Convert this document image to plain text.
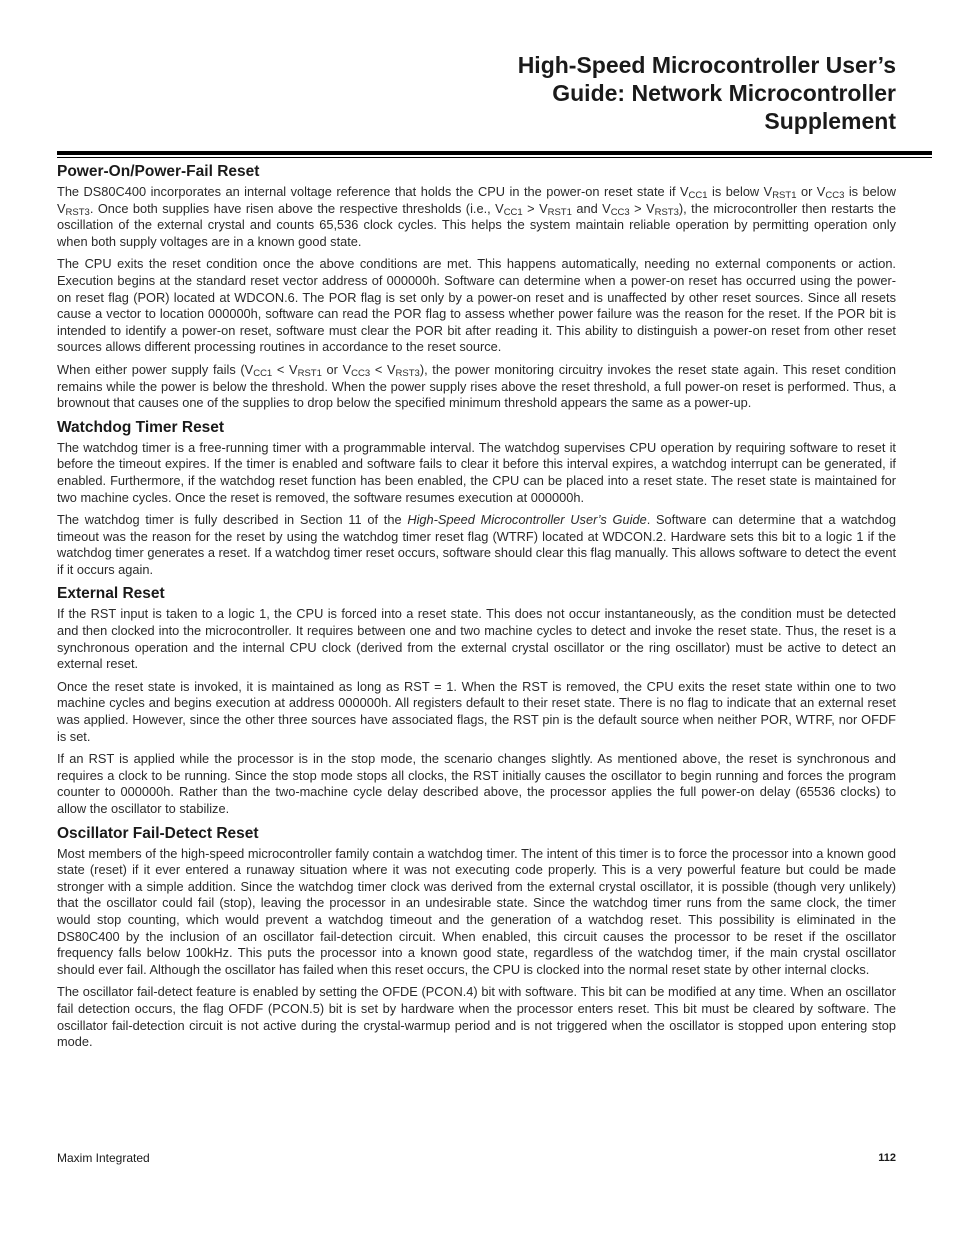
High-Speed Microcontroller User’s
Guide: Network Microcontroller
Supplement
Power-On/Power-Fail Reset

The DS80C400 incorporates an internal voltage reference that holds the CPU in the power-on reset state if $V_{CC1}$ is below $V_{RST1}$ or $V_{CC3}$ is below $V_{RST3}$. Once both supplies have risen above the respective thresholds (i.e., $V_{CC1} > V_{RST1}$ and $V_{CC3} > V_{RST3}$), the microcontroller then restarts the oscillation of the external crystal and counts 65,536 clock cycles. This helps the system maintain reliable operation by permitting operation only when both supply voltages are in a known good state.

The CPU exits the reset condition once the above conditions are met. This happens automatically, needing no external components or action. Execution begins at the standard reset vector address of 000000h. Software can determine when a power-on reset has occurred using the power-on reset flag (POR) located at WDCON.6. The POR flag is set only by a power-on reset and is unaffected by other reset sources. Since all resets cause a vector to location 000000h, software can read the POR flag to assess whether power failure was the reason for the reset. If the POR bit is intended to identify a power-on reset, software must clear the POR bit after reading it. This ability to distinguish a power-on reset from other reset sources allows different processing routines in accordance to the reset source.

When either power supply fails ($V_{CC1} < V_{RST1}$ or $V_{CC3} < V_{RST3}$), the power monitoring circuitry invokes the reset state again. This reset condition remains while the power is below the threshold. When the power supply rises above the reset threshold, a full power-on reset is performed. Thus, a brownout that causes one of the supplies to drop below the specified minimum threshold appears the same as a power-up.

Watchdog Timer Reset

The watchdog timer is a free-running timer with a programmable interval. The watchdog supervises CPU operation by requiring software to reset it before the timeout expires. If the timer is enabled and software fails to clear it before this interval expires, a watchdog interrupt can be generated, if enabled. Furthermore, if the watchdog reset function has been enabled, the CPU can be placed into a reset state. The reset state is maintained for two machine cycles. Once the reset is removed, the software resumes execution at 000000h.

The watchdog timer is fully described in Section 11 of the High-Speed Microcontroller User’s Guide. Software can determine that a watchdog timeout was the reason for the reset by using the watchdog timer reset flag (WTRF) located at WDCON.2. Hardware sets this bit to a logic 1 if the watchdog timer generates a reset. If a watchdog timer reset occurs, software should clear this flag manually. This allows software to detect the event if it occurs again.

External Reset

If the RST input is taken to a logic 1, the CPU is forced into a reset state. This does not occur instantaneously, as the condition must be detected and then clocked into the microcontroller. It requires between one and two machine cycles to detect and invoke the reset state. Thus, the reset is a synchronous operation and the internal CPU clock (derived from the external crystal oscillator or the ring oscillator) must be active to detect an external reset.

Once the reset state is invoked, it is maintained as long as RST = 1. When the RST is removed, the CPU exits the reset state within one to two machine cycles and begins execution at address 000000h. All registers default to their reset state. There is no flag to indicate that an external reset was applied. However, since the other three sources have associated flags, the RST pin is the default source when neither POR, WTRF, nor OFDF is set.

If an RST is applied while the processor is in the stop mode, the scenario changes slightly. As mentioned above, the reset is synchronous and requires a clock to be running. Since the stop mode stops all clocks, the RST initially causes the oscillator to begin running and forces the program counter to 000000h. Rather than the two-machine cycle delay described above, the processor applies the full power-on delay (65536 clocks) to allow the oscillator to stabilize.

Oscillator Fail-Detect Reset

Most members of the high-speed microcontroller family contain a watchdog timer. The intent of this timer is to force the processor into a known good state (reset) if it ever entered a runaway situation where it was not executing code properly. This is a very powerful feature but could be made stronger with a simple addition. Since the watchdog timer clock was derived from the external crystal oscillator, it is possible (though very unlikely) that the oscillator could fail (stop), leaving the processor in an undesirable state. Since the watchdog timer runs from the same clock, the timer would stop counting, which would prevent a watchdog timeout and the generation of a watchdog reset. This possibility is eliminated in the DS80C400 by the inclusion of an oscillator fail-detection circuit. When enabled, this circuit causes the processor to be reset if the oscillator frequency falls below 100kHz. This puts the processor into a known good state, regardless of the watchdog timer, if the main crystal oscillator should ever fail. Although the oscillator has failed when this reset occurs, the CPU is clocked into the normal reset state by other internal clocks.

The oscillator fail-detect feature is enabled by setting the OFDE (PCON.4) bit with software. This bit can be modified at any time. When an oscillator fail detection occurs, the flag OFDF (PCON.5) bit is set by hardware when the processor enters reset. This bit must be cleared by software. The oscillator fail-detection circuit is not active during the crystal-warmup period and is not triggered when the oscillator is stopped upon entering stop mode.

Maxim Integrated	112
